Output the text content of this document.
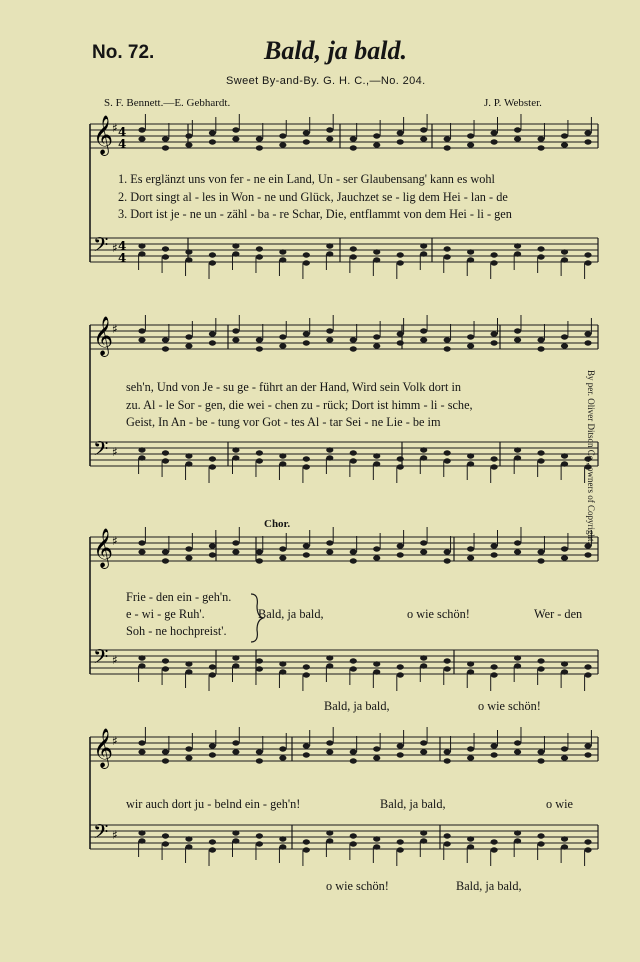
No. 72.	Bald, ja bald.
Sweet By-and-By. G. H. C.,—No. 204.
S. F. Bennett.—E. Gebhardt.	J. P. Webster.
𝄞
𝄢
♯
♯
4
4
4
4
𝄞
𝄢
♯
♯
𝄞
𝄢
♯
♯
𝄞
𝄢
♯
♯
1. Es erglänzt uns von fer - ne ein Land, Un - ser Glaubensang' kann es wohl
2. Dort singt al - les in Won - ne und Glück, Jauchzet se - lig dem Hei - lan - de
3. Dort ist je - ne un - zähl - ba - re Schar, Die, entflammt von dem Hei - li - gen
seh'n, Und von Je - su ge - führt an der Hand, Wird sein Volk dort in
zu. Al - le Sor - gen, die wei - chen zu - rück; Dort ist himm - li - sche,
Geist, In An - be - tung vor Got - tes Al - tar Sei - ne Lie - be im
Chor.
Frie - den ein - geh'n.
e - wi - ge Ruh'.
Soh - ne hochpreist'.
Bald, ja bald,	o wie schön!	Wer - den
Bald, ja bald,	o wie schön!
wir auch dort ju - belnd ein - geh'n!	Bald, ja bald,	o wie
o wie schön!	Bald, ja bald,
By per. Oliver Ditson Co., owners of Copyright.
